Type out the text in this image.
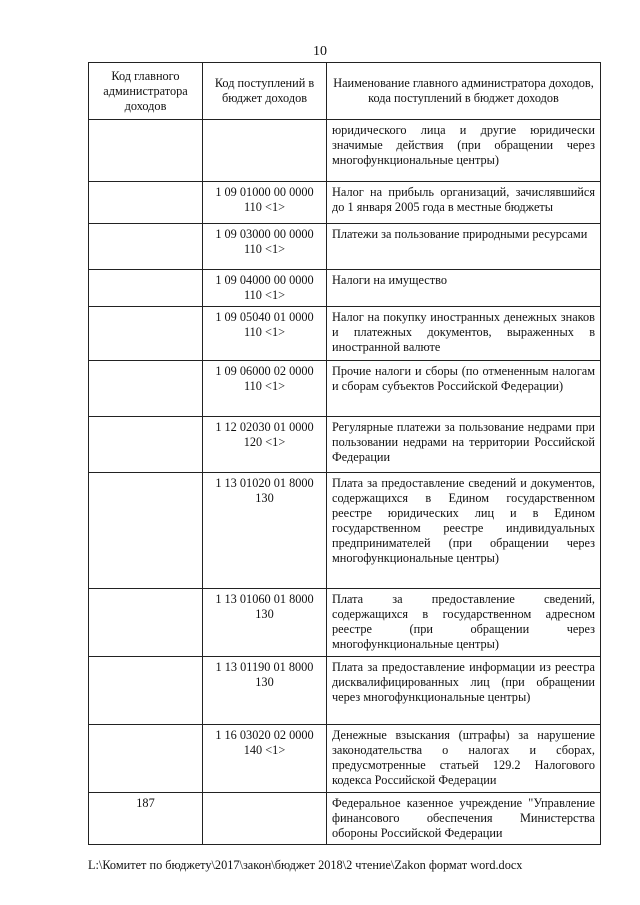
10
Код главного администратора доходов	Код поступлений в бюджет доходов	Наименование главного администратора доходов, кода поступлений в бюджет доходов
		юридического лица и другие юридически значимые действия (при обращении через многофункциональные центры)
	1 09 01000 00 0000 110 <1>	Налог на прибыль организаций, зачислявшийся до 1 января 2005 года в местные бюджеты
	1 09 03000 00 0000 110 <1>	Платежи за пользование природными ресурсами
	1 09 04000 00 0000 110 <1>	Налоги на имущество
	1 09 05040 01 0000 110 <1>	Налог на покупку иностранных денежных знаков и платежных документов, выраженных в иностранной валюте
	1 09 06000 02 0000 110 <1>	Прочие налоги и сборы (по отмененным налогам и сборам субъектов Российской Федерации)
	1 12 02030 01 0000 120 <1>	Регулярные платежи за пользование недрами при пользовании недрами на территории Российской Федерации
	1 13 01020 01 8000 130	Плата за предоставление сведений и документов, содержащихся в Едином государственном реестре юридических лиц и в Едином государственном реестре индивидуальных предпринимателей (при обращении через многофункциональные центры)
	1 13 01060 01 8000 130	Плата за предоставление сведений, содержащихся в государственном адресном реестре (при обращении через многофункциональные центры)
	1 13 01190 01 8000 130	Плата за предоставление информации из реестра дисквалифицированных лиц (при обращении через многофункциональные центры)
	1 16 03020 02 0000 140 <1>	Денежные взыскания (штрафы) за нарушение законодательства о налогах и сборах, предусмотренные статьей 129.2 Налогового кодекса Российской Федерации
187		Федеральное казенное учреждение "Управление финансового обеспечения Министерства обороны Российской Федерации
L:\Комитет по бюджету\2017\закон\бюджет 2018\2 чтение\Zakon формат word.docx
